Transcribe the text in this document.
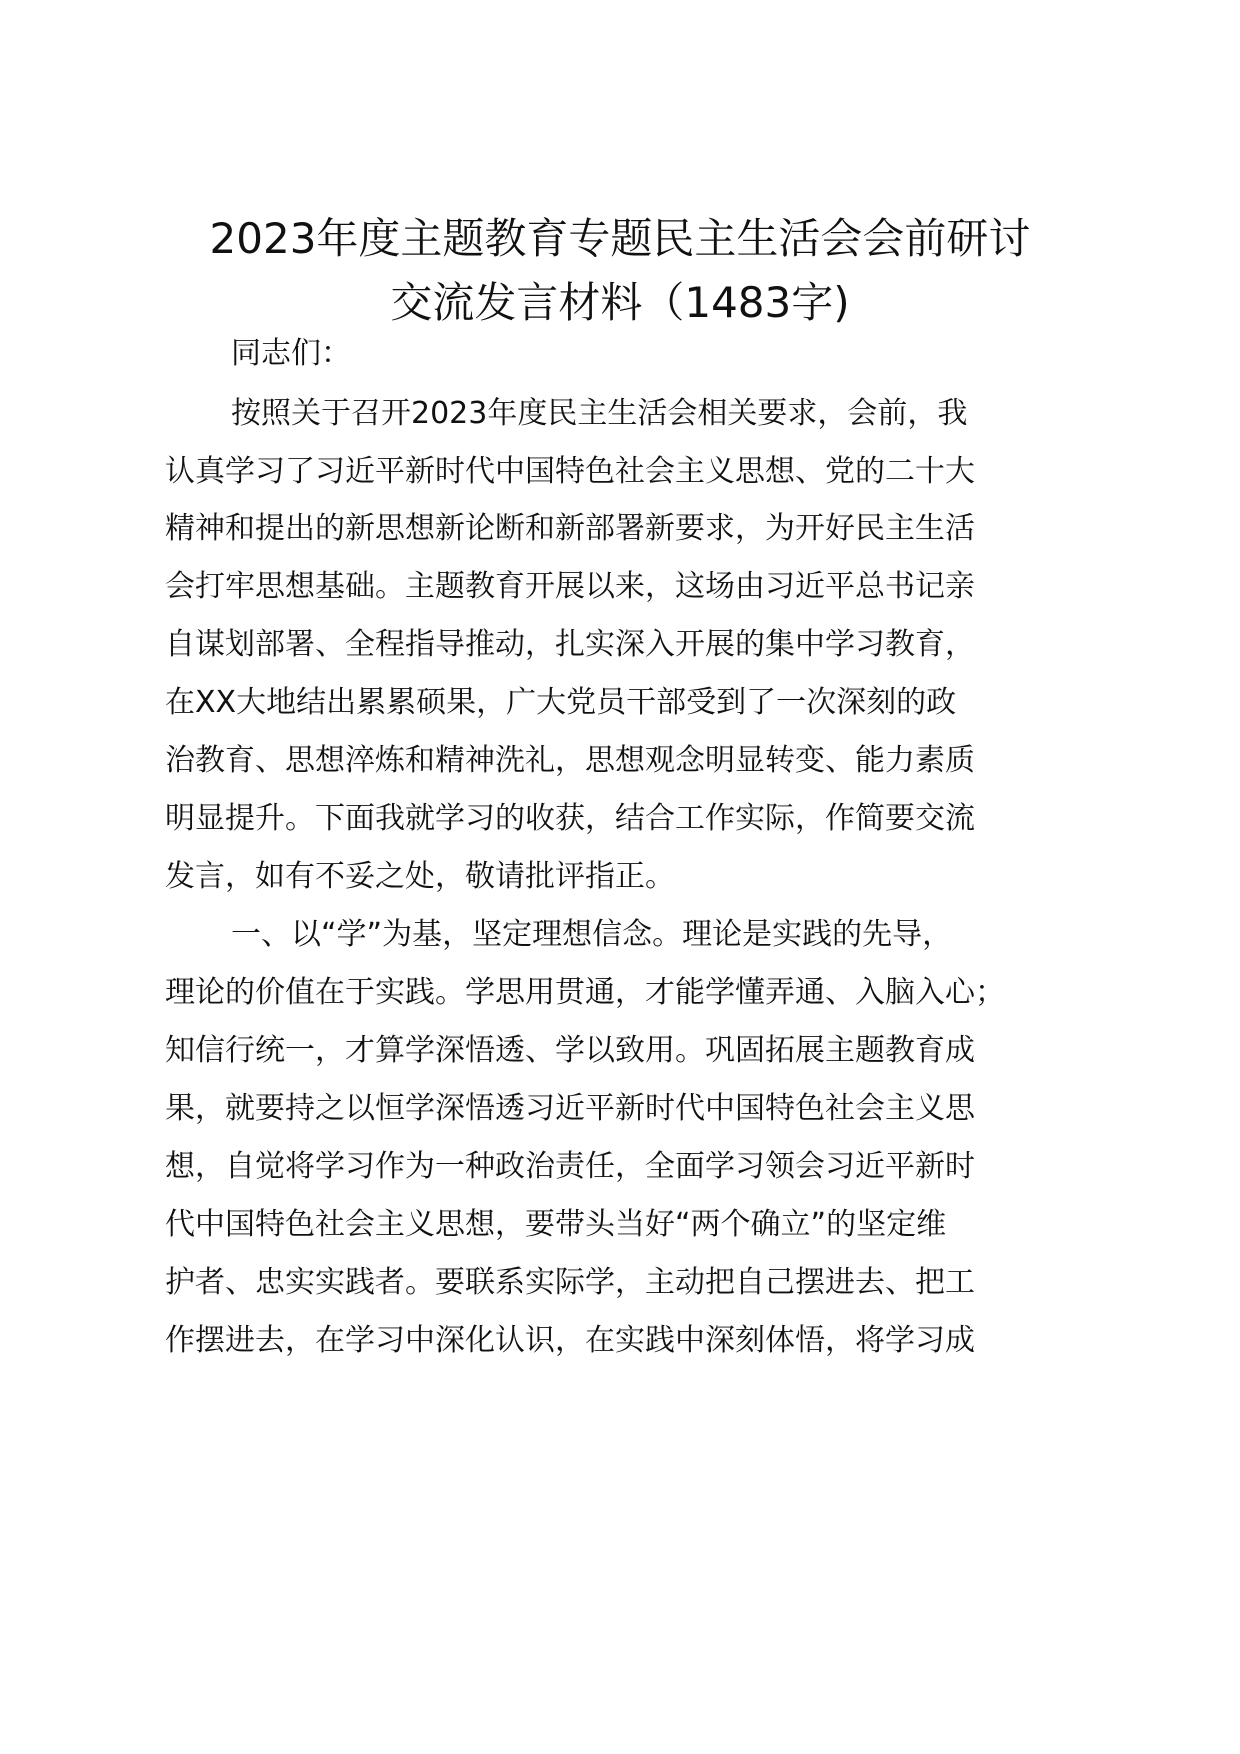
2023年度主题教育专题民主生活会会前研讨
交流发言材料（1483字)
同志们：
按照关于召开2023年度民主生活会相关要求，会前，我
认真学习了习近平新时代中国特色社会主义思想、党的二十大
精神和提出的新思想新论断和新部署新要求，为开好民主生活
会打牢思想基础。主题教育开展以来，这场由习近平总书记亲
自谋划部署、全程指导推动，扎实深入开展的集中学习教育，
在XX大地结出累累硕果，广大党员干部受到了一次深刻的政
治教育、思想淬炼和精神洗礼，思想观念明显转变、能力素质
明显提升。下面我就学习的收获，结合工作实际，作简要交流
发言，如有不妥之处，敬请批评指正。
一、以“学”为基，坚定理想信念。理论是实践的先导，
理论的价值在于实践。学思用贯通，才能学懂弄通、入脑入心；
知信行统一，才算学深悟透、学以致用。巩固拓展主题教育成
果，就要持之以恒学深悟透习近平新时代中国特色社会主义思
想，自觉将学习作为一种政治责任，全面学习领会习近平新时
代中国特色社会主义思想，要带头当好“两个确立”的坚定维
护者、忠实实践者。要联系实际学，主动把自己摆进去、把工
作摆进去，在学习中深化认识，在实践中深刻体悟，将学习成
